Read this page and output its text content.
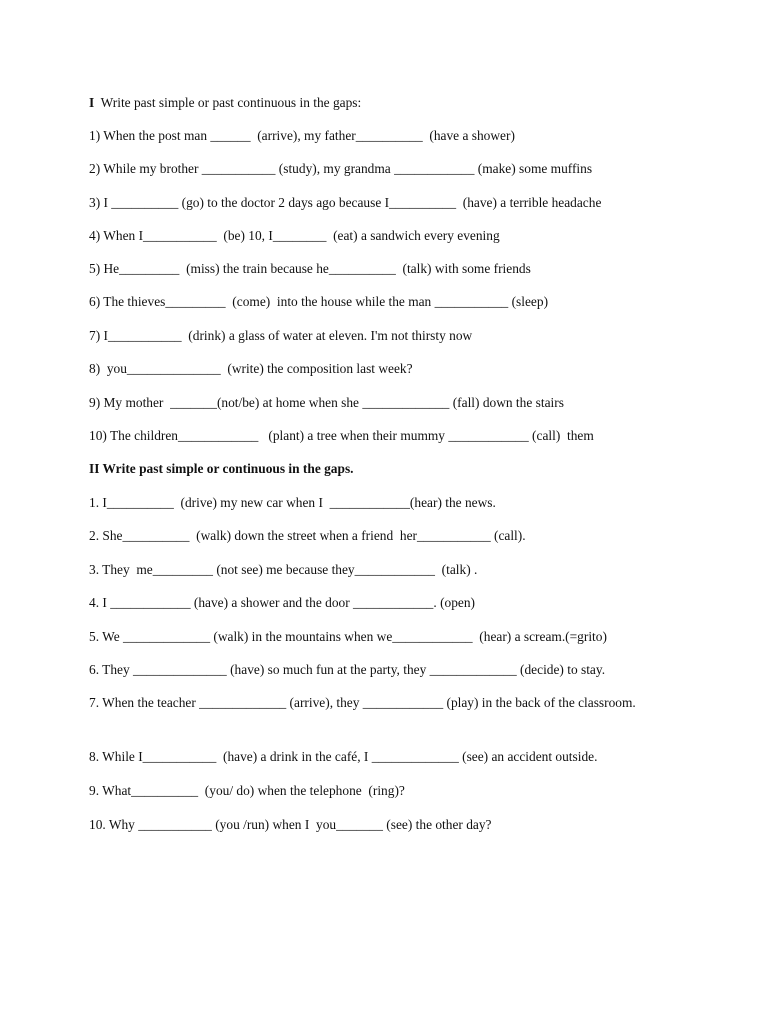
I  Write past simple or past continuous in the gaps:
1) When the post man ______  (arrive), my father__________  (have a shower)
2) While my brother ___________ (study), my grandma ____________ (make) some muffins
3) I __________ (go) to the doctor 2 days ago because I__________  (have) a terrible headache
4) When I___________  (be) 10, I________  (eat) a sandwich every evening
5) He_________  (miss) the train because he__________  (talk) with some friends
6) The thieves_________  (come)  into the house while the man ___________ (sleep)
7) I___________  (drink) a glass of water at eleven. I'm not thirsty now
8)  you______________  (write) the composition last week?
9) My mother  _______(not/be) at home when she _____________ (fall) down the stairs
10) The children____________   (plant) a tree when their mummy ____________ (call)  them
II Write past simple or continuous in the gaps.
1. I__________  (drive) my new car when I  ____________(hear) the news.
2. She__________  (walk) down the street when a friend  her___________ (call).
3. They  me_________ (not see) me because they____________  (talk) .
4. I ____________ (have) a shower and the door ____________. (open)
5. We _____________ (walk) in the mountains when we____________  (hear) a scream.(=grito)
6. They ______________ (have) so much fun at the party, they _____________ (decide) to stay.
7. When the teacher _____________ (arrive), they ____________ (play) in the back of the classroom.
8. While I___________  (have) a drink in the café, I _____________ (see) an accident outside.
9. What__________  (you/ do) when the telephone  (ring)?
10. Why ___________ (you /run) when I  you_______ (see) the other day?
